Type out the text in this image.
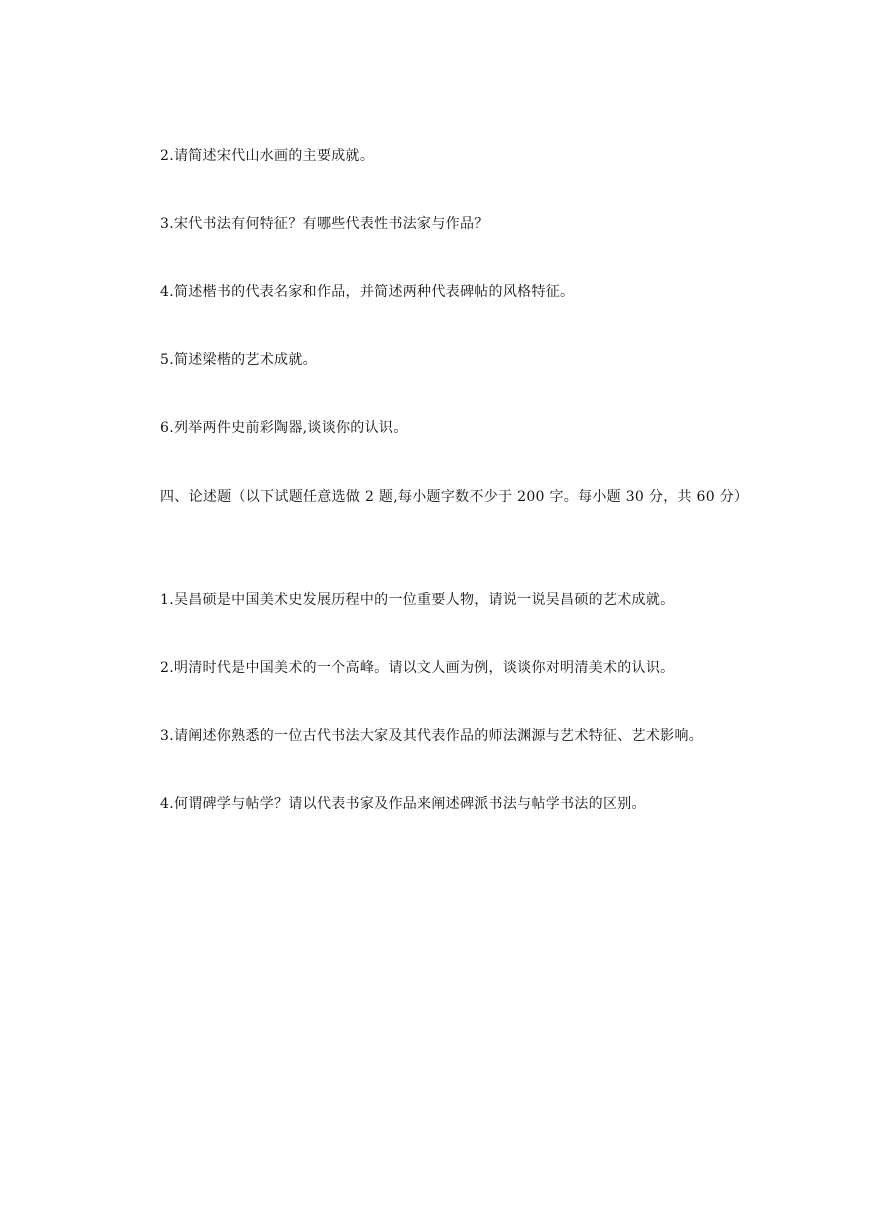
2.请简述宋代山水画的主要成就。
3.宋代书法有何特征？有哪些代表性书法家与作品？
4.简述楷书的代表名家和作品，并简述两种代表碑帖的风格特征。
5.简述梁楷的艺术成就。
6.列举两件史前彩陶器,谈谈你的认识。
四、论述题（以下试题任意选做 2 题,每小题字数不少于 200 字。每小题 30 分，共 60 分）
1.吴昌硕是中国美术史发展历程中的一位重要人物，请说一说吴昌硕的艺术成就。
2.明清时代是中国美术的一个高峰。请以文人画为例，谈谈你对明清美术的认识。
3.请阐述你熟悉的一位古代书法大家及其代表作品的师法渊源与艺术特征、艺术影响。
4.何谓碑学与帖学？请以代表书家及作品来阐述碑派书法与帖学书法的区别。
